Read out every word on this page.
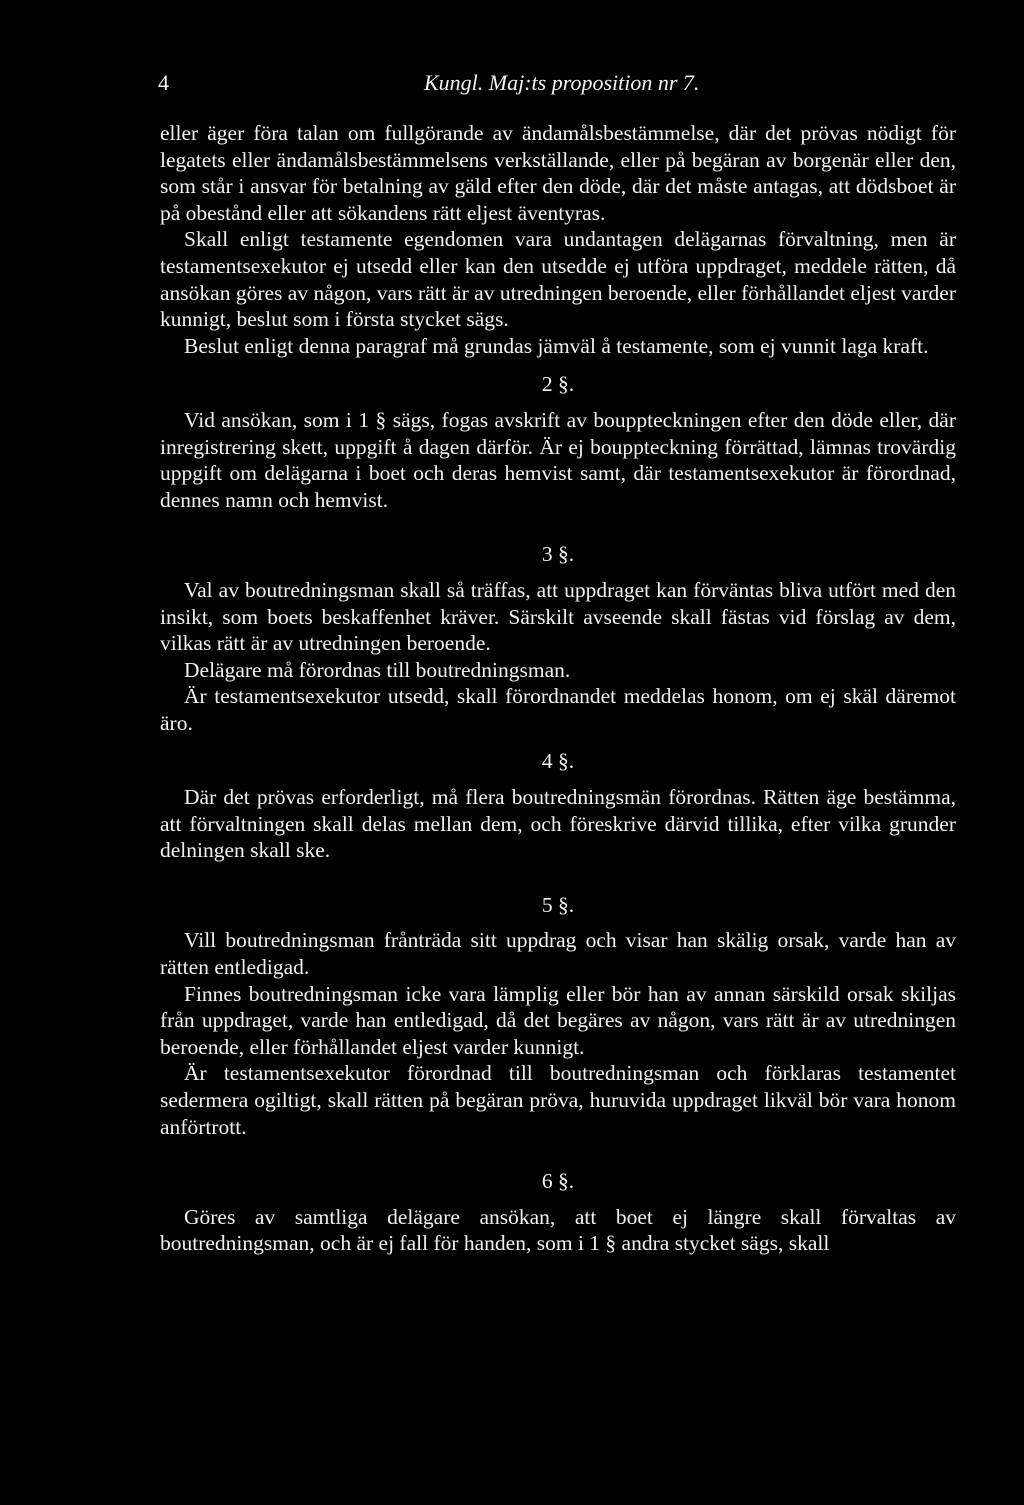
4	Kungl. Maj:ts proposition nr 7.

eller äger föra talan om fullgörande av ändamålsbestämmelse, där det prövas nödigt för legatets eller ändamålsbestämmelsens verkställande, eller på begäran av borgenär eller den, som står i ansvar för betalning av gäld efter den döde, där det måste antagas, att dödsboet är på obestånd eller att sökandens rätt eljest äventyras.

Skall enligt testamente egendomen vara undantagen delägarnas förvaltning, men är testamentsexekutor ej utsedd eller kan den utsedde ej utföra uppdraget, meddele rätten, då ansökan göres av någon, vars rätt är av utredningen beroende, eller förhållandet eljest varder kunnigt, beslut som i första stycket sägs.

Beslut enligt denna paragraf må grundas jämväl å testamente, som ej vunnit laga kraft.

2 §.

Vid ansökan, som i 1 § sägs, fogas avskrift av bouppteckningen efter den döde eller, där inregistrering skett, uppgift å dagen därför. Är ej bouppteckning förrättad, lämnas trovärdig uppgift om delägarna i boet och deras hemvist samt, där testamentsexekutor är förordnad, dennes namn och hemvist.

3 §.

Val av boutredningsman skall så träffas, att uppdraget kan förväntas bliva utfört med den insikt, som boets beskaffenhet kräver. Särskilt avseende skall fästas vid förslag av dem, vilkas rätt är av utredningen beroende.

Delägare må förordnas till boutredningsman.

Är testamentsexekutor utsedd, skall förordnandet meddelas honom, om ej skäl däremot äro.

4 §.

Där det prövas erforderligt, må flera boutredningsmän förordnas. Rätten äge bestämma, att förvaltningen skall delas mellan dem, och föreskrive därvid tillika, efter vilka grunder delningen skall ske.

5 §.

Vill boutredningsman frånträda sitt uppdrag och visar han skälig orsak, varde han av rätten entledigad.

Finnes boutredningsman icke vara lämplig eller bör han av annan särskild orsak skiljas från uppdraget, varde han entledigad, då det begäres av någon, vars rätt är av utredningen beroende, eller förhållandet eljest varder kunnigt.

Är testamentsexekutor förordnad till boutredningsman och förklaras testamentet sedermera ogiltigt, skall rätten på begäran pröva, huruvida uppdraget likväl bör vara honom anförtrott.

6 §.

Göres av samtliga delägare ansökan, att boet ej längre skall förvaltas av boutredningsman, och är ej fall för handen, som i 1 § andra stycket sägs, skall
